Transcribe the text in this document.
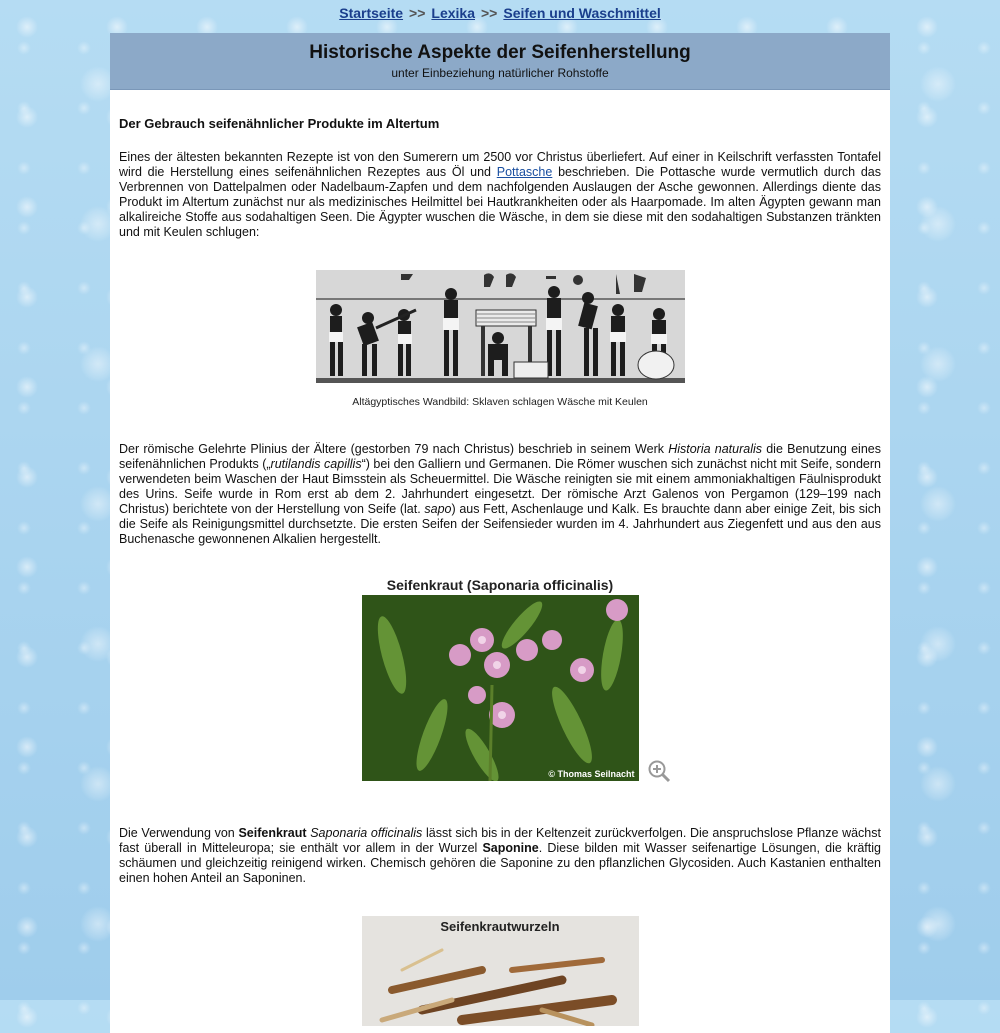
Startseite >> Lexika >> Seifen und Waschmittel
Historische Aspekte der Seifenherstellung
unter Einbeziehung natürlicher Rohstoffe
Der Gebrauch seifenähnlicher Produkte im Altertum

Eines der ältesten bekannten Rezepte ist von den Sumerern um 2500 vor Christus überliefert. Auf einer in Keilschrift verfassten Tontafel wird die Herstellung eines seifenähnlichen Rezeptes aus Öl und Pottasche beschrieben. Die Pottasche wurde vermutlich durch das Verbrennen von Dattelpalmen oder Nadelbaum-Zapfen und dem nachfolgenden Auslaugen der Asche gewonnen. Allerdings diente das Produkt im Altertum zunächst nur als medizinisches Heilmittel bei Hautkrankheiten oder als Haarpomade. Im alten Ägypten gewann man alkalireiche Stoffe aus sodahaltigen Seen. Die Ägypter wuschen die Wäsche, in dem sie diese mit den sodahaltigen Substanzen tränkten und mit Keulen schlugen:

Altägyptisches Wandbild: Sklaven schlagen Wäsche mit Keulen

Der römische Gelehrte Plinius der Ältere (gestorben 79 nach Christus) beschrieb in seinem Werk Historia naturalis die Benutzung eines seifenähnlichen Produkts („rutilandis capillis“) bei den Galliern und Germanen. Die Römer wuschen sich zunächst nicht mit Seife, sondern verwendeten beim Waschen der Haut Bimsstein als Scheuermittel. Die Wäsche reinigten sie mit einem ammoniakhaltigen Fäulnisprodukt des Urins. Seife wurde in Rom erst ab dem 2. Jahrhundert eingesetzt. Der römische Arzt Galenos von Pergamon (129–199 nach Christus) berichtete von der Herstellung von Seife (lat. sapo) aus Fett, Aschenlauge und Kalk. Es brauchte dann aber einige Zeit, bis sich die Seife als Reinigungsmittel durchsetzte. Die ersten Seifen der Seifensieder wurden im 4. Jahrhundert aus Ziegenfett und aus den aus Buchenasche gewonnenen Alkalien hergestellt.

Seifenkraut (Saponaria officinalis)
© Thomas Seilnacht

Die Verwendung von Seifenkraut Saponaria officinalis lässt sich bis in der Keltenzeit zurückverfolgen. Die anspruchslose Pflanze wächst fast überall in Mitteleuropa; sie enthält vor allem in der Wurzel Saponine. Diese bilden mit Wasser seifenartige Lösungen, die kräftig schäumen und gleichzeitig reinigend wirken. Chemisch gehören die Saponine zu den pflanzlichen Glycosiden. Auch Kastanien enthalten einen hohen Anteil an Saponinen.

Seifenkrautwurzeln
